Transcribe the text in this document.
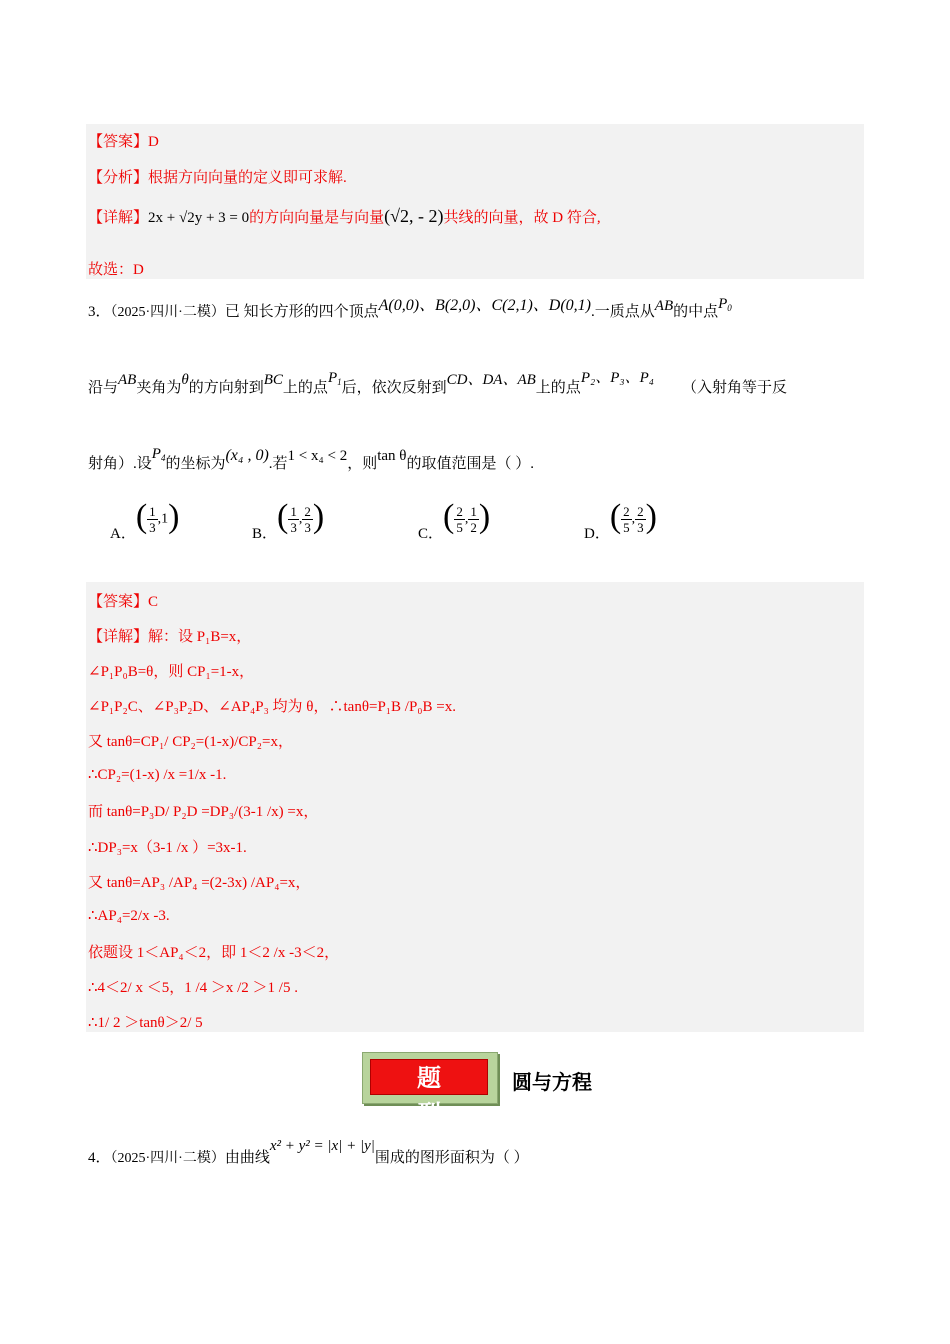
【答案】D
【分析】根据方向向量的定义即可求解.
【详解】2x + √2y + 3 = 0的方向向量是与向量(√2, - 2)共线的向量，故 D 符合,
故选：D
3．（2025·四川·二模）已 知长方形的四个顶点A(0,0)、B(2,0)、C(2,1)、D(0,1).一质点从AB的中点$P_0$
沿与AB夹角为θ的方向射到BC上的点$P_1$后，依次反射到CD、DA、AB上的点P₂、P₃、P₄（入射角等于反
射角）.设$P_4$的坐标为(x₄ , 0).若1 < x₄ < 2，则tan θ的取值范围是（ ）.
A．( $\frac{1}{3} ,1$)	B．( $\frac{1}{3}$ , $\frac{2}{3}$ )	C．( $\frac{2}{5}$ , $\frac{1}{2}$ )	D．( $\frac{2}{5}$ , $\frac{2}{3}$ )
【答案】C
【详解】解：设 P₁B=x，
∠P₁P₀B=θ，则 CP₁=1-x，
∠P₁P₂C、∠P₃P₂D、∠AP₄P₃ 均为 θ，∴tanθ=P₁B /P₀B =x.
又 tanθ=CP₁/ CP₂=(1-x)/CP₂=x，
∴CP₂=(1-x) /x =1/x -1.
而 tanθ=P₃D/ P₂D =DP₃/(3-1 /x) =x，
∴DP₃=x（3-1 /x ）=3x-1.
又 tanθ=AP₃ /AP₄ =(2-3x) /AP₄=x，
∴AP₄=2/x -3.
依题设 1＜AP₄＜2，即 1＜2 /x -3＜2，
∴4＜2/ x ＜5，1 /4 ＞x /2 ＞1 /5 .
∴1/ 2 ＞tanθ＞2/ 5
题型
圆与方程
4．（2025·四川·二模）由曲线x² + y² = |x| + |y|围成的图形面积为（ ）
